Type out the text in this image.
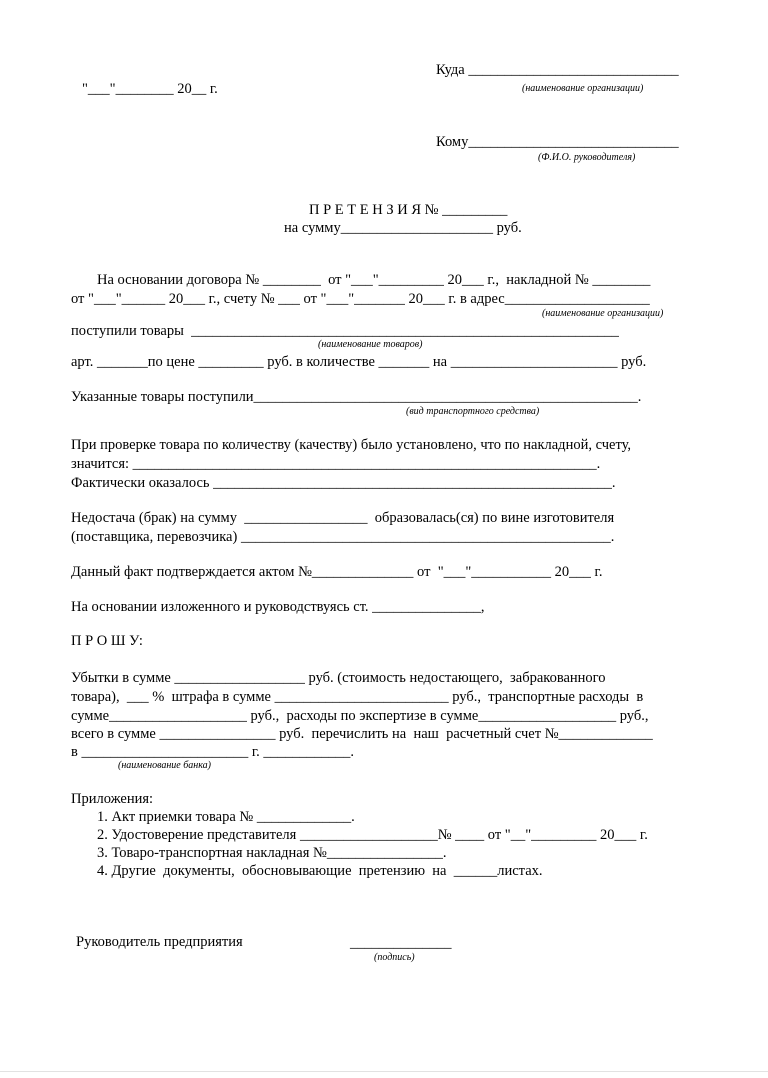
"___"________ 20__ г.
Куда _____________________________
(наименование организации)
Кому_____________________________
(Ф.И.О. руководителя)
П Р Е Т Е Н З И Я № _________
на сумму_____________________ руб.
На основании договора № ________  от "___"_________ 20___ г.,  накладной № ________
от "___"______ 20___ г., счету № ___ от "___"_______ 20___ г. в адрес____________________
(наименование организации)
поступили товары  ___________________________________________________________
(наименование товаров)
арт. _______по цене _________ руб. в количестве _______ на _______________________ руб.
Указанные товары поступили_____________________________________________________.
(вид транспортного средства)
При проверке товара по количеству (качеству) было установлено, что по накладной, счету,
значится: ________________________________________________________________.
Фактически оказалось _______________________________________________________.
Недостача (брак) на сумму  _________________  образовалась(ся) по вине изготовителя
(поставщика, перевозчика) ___________________________________________________.
Данный факт подтверждается актом №______________ от  "___"___________ 20___ г.
На основании изложенного и руководствуясь ст. _______________,
П Р О Ш У:
Убытки в сумме __________________ руб. (стоимость недостающего,  забракованного
товара),  ___ %  штрафа в сумме ________________________ руб.,  транспортные расходы  в
сумме___________________ руб.,  расходы по экспертизе в сумме___________________ руб.,
всего в сумме ________________ руб.  перечислить на  наш  расчетный счет №_____________
в _______________________ г. ____________.
(наименование банка)
Приложения:
1. Акт приемки товара № _____________.
2. Удостоверение представителя ___________________№ ____ от "__"_________ 20___ г.
3. Товаро-транспортная накладная №________________.
4. Другие  документы,  обосновывающие  претензию  на  ______листах.
Руководитель предприятия	______________
(подпись)
